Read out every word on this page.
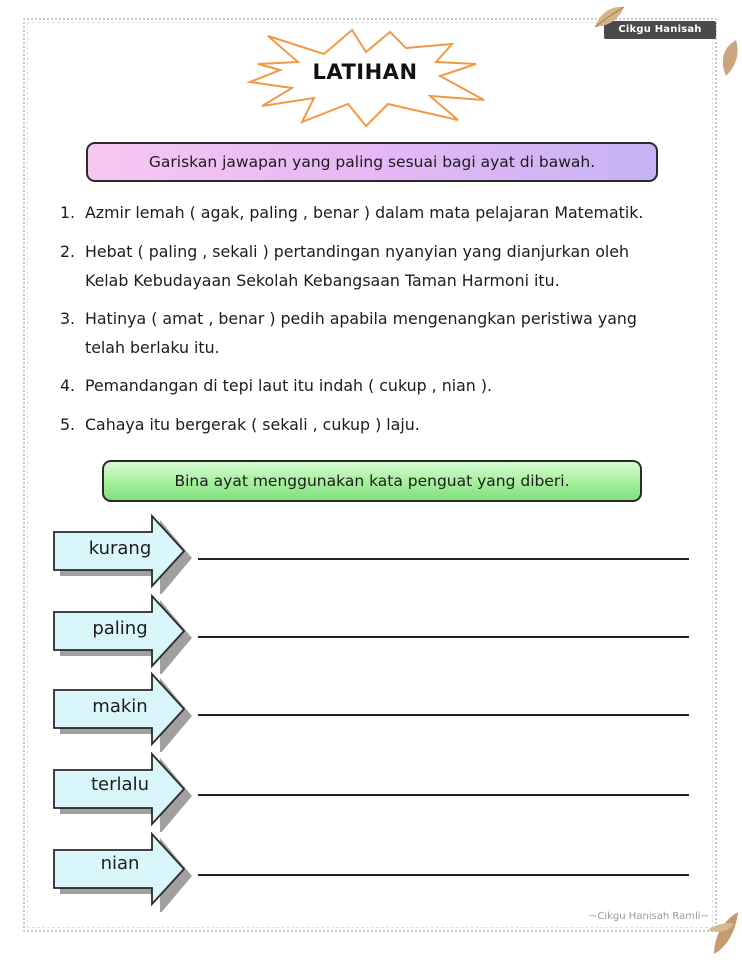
Cikgu Hanisah Ramli
LATIHAN
Gariskan jawapan yang paling sesuai bagi ayat di bawah.
1. Azmir lemah ( agak, paling , benar ) dalam mata pelajaran Matematik.
2. Hebat ( paling , sekali ) pertandingan nyanyian yang dianjurkan oleh
Kelab Kebudayaan Sekolah Kebangsaan Taman Harmoni itu.
3. Hatinya ( amat , benar ) pedih apabila mengenangkan peristiwa yang
telah berlaku itu.
4. Pemandangan di tepi laut itu indah ( cukup , nian ).
5. Cahaya itu bergerak ( sekali , cukup ) laju.
Bina ayat menggunakan kata penguat yang diberi.
kurang
paling
makin
terlalu
nian
~Cikgu Hanisah Ramli~
